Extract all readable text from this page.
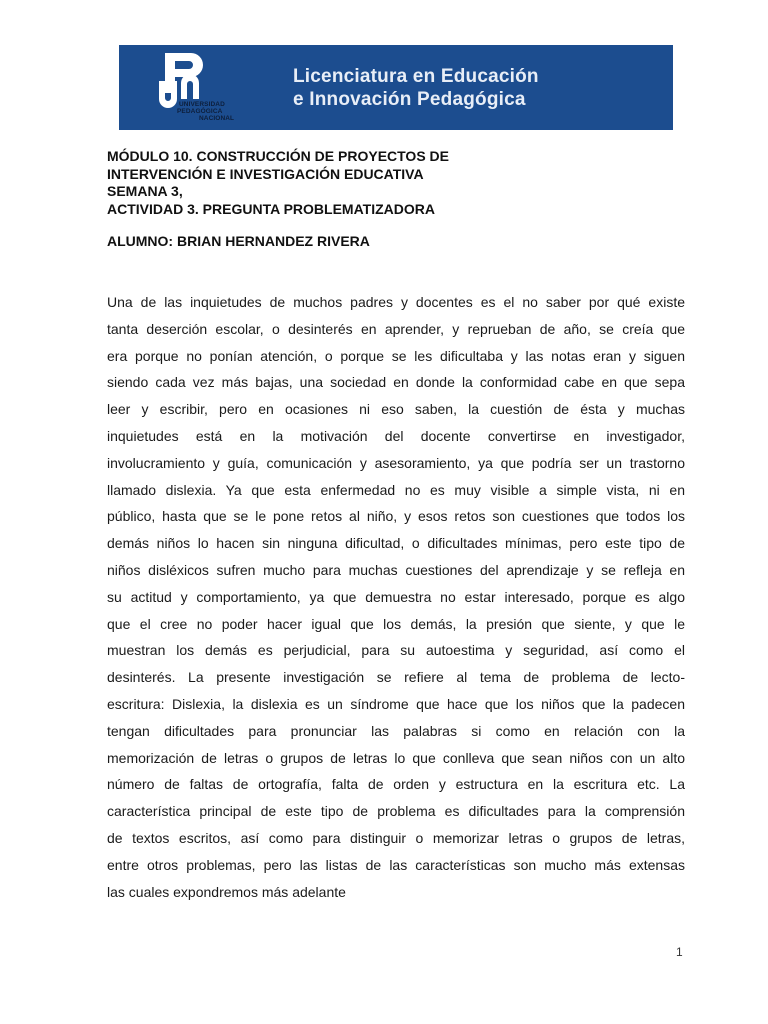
UNIVERSIDAD
PEDAGÓGICA
NACIONAL
Licenciatura en Educación
e Innovación Pedagógica
MÓDULO 10. CONSTRUCCIÓN DE PROYECTOS DE
INTERVENCIÓN E INVESTIGACIÓN EDUCATIVA
SEMANA 3,
ACTIVIDAD 3. PREGUNTA PROBLEMATIZADORA
ALUMNO: BRIAN HERNANDEZ RIVERA
Una de las inquietudes de muchos padres y docentes es el no saber por qué existe
tanta deserción escolar, o desinterés en aprender, y reprueban de año, se creía que
era porque no ponían atención, o porque se les dificultaba y las notas eran y siguen
siendo cada vez más bajas, una sociedad en donde la conformidad cabe en que sepa
leer y escribir, pero en ocasiones ni eso saben, la cuestión de ésta y muchas
inquietudes está en la motivación del docente convertirse en investigador,
involucramiento y guía, comunicación y asesoramiento, ya que podría ser un trastorno
llamado dislexia. Ya que esta enfermedad no es muy visible a simple vista, ni en
público, hasta que se le pone retos al niño, y esos retos son cuestiones que todos los
demás niños lo hacen sin ninguna dificultad, o dificultades mínimas, pero este tipo de
niños disléxicos sufren mucho para muchas cuestiones del aprendizaje y se refleja en
su actitud y comportamiento, ya que demuestra no estar interesado, porque es algo
que el cree no poder hacer igual que los demás, la presión que siente, y que le
muestran los demás es perjudicial, para su autoestima y seguridad, así como el
desinterés. La presente investigación se refiere al tema de problema de lecto-
escritura: Dislexia, la dislexia es un síndrome que hace que los niños que la padecen
tengan dificultades para pronunciar las palabras si como en relación con la
memorización de letras o grupos de letras lo que conlleva que sean niños con un alto
número de faltas de ortografía, falta de orden y estructura en la escritura etc. La
característica principal de este tipo de problema es dificultades para la comprensión
de textos escritos, así como para distinguir o memorizar letras o grupos de letras,
entre otros problemas, pero las listas de las características son mucho más extensas
las cuales expondremos más adelante
1
